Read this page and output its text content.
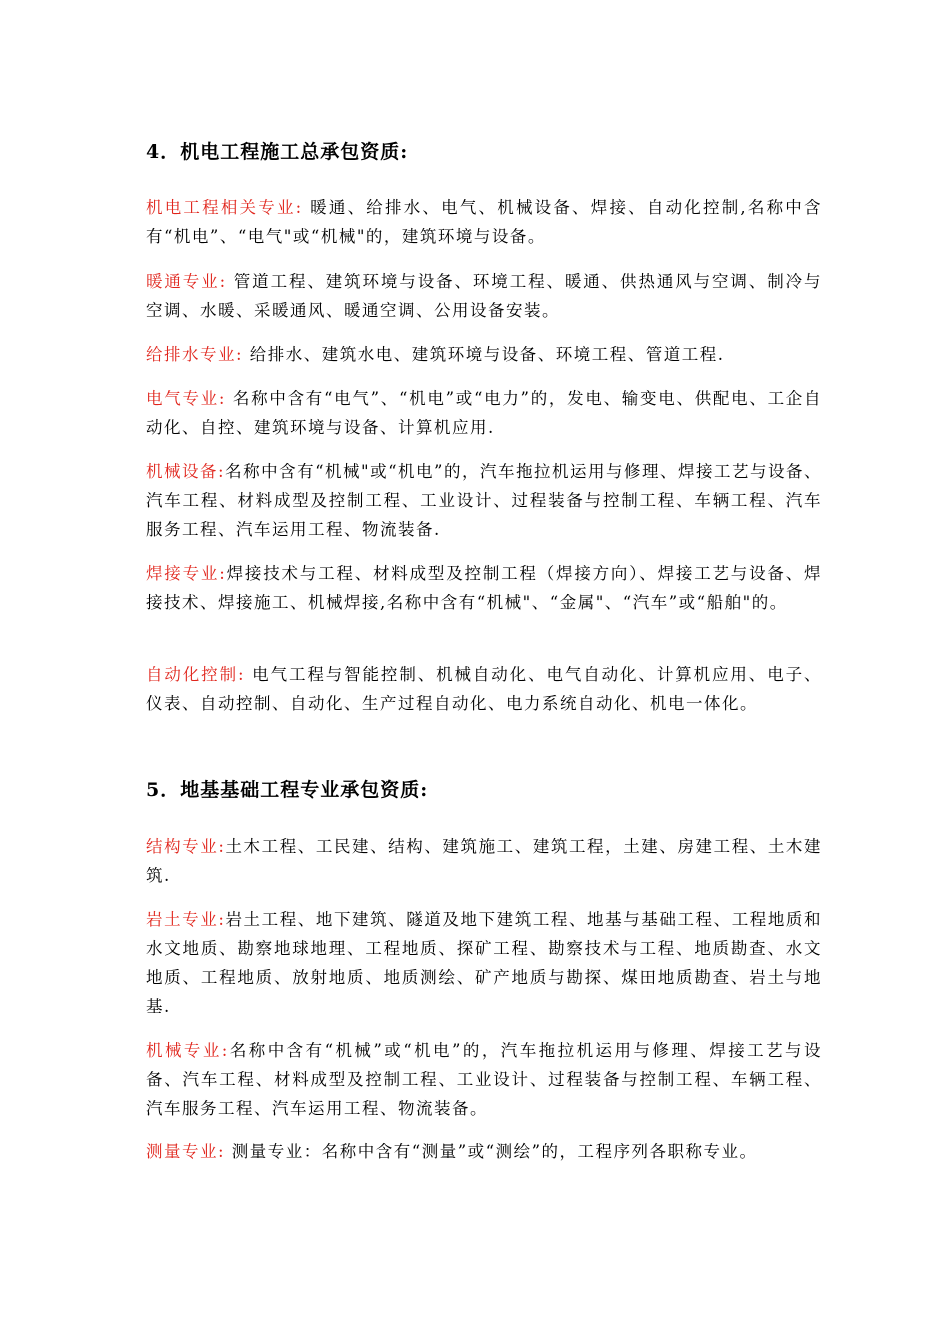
4．机电工程施工总承包资质:

机电工程相关专业: 暖通、给排水、电气、机械设备、焊接、自动化控制,名称中含有“机电”、“电气"或“机械"的，建筑环境与设备。

暖通专业: 管道工程、建筑环境与设备、环境工程、暖通、供热通风与空调、制冷与空调、水暖、采暖通风、暖通空调、公用设备安装。

给排水专业: 给排水、建筑水电、建筑环境与设备、环境工程、管道工程.

电气专业: 名称中含有“电气”、“机电”或“电力”的，发电、输变电、供配电、工企自动化、自控、建筑环境与设备、计算机应用.

机械设备:名称中含有“机械"或“机电”的，汽车拖拉机运用与修理、焊接工艺与设备、汽车工程、材料成型及控制工程、工业设计、过程装备与控制工程、车辆工程、汽车服务工程、汽车运用工程、物流装备.

焊接专业:焊接技术与工程、材料成型及控制工程（焊接方向）、焊接工艺与设备、焊接技术、焊接施工、机械焊接,名称中含有“机械"、“金属"、“汽车”或“船舶"的。

自动化控制: 电气工程与智能控制、机械自动化、电气自动化、计算机应用、电子、仪表、自动控制、自动化、生产过程自动化、电力系统自动化、机电一体化。

5．地基基础工程专业承包资质:

结构专业:土木工程、工民建、结构、建筑施工、建筑工程，土建、房建工程、土木建筑.

岩土专业:岩土工程、地下建筑、隧道及地下建筑工程、地基与基础工程、工程地质和水文地质、勘察地球地理、工程地质、探矿工程、勘察技术与工程、地质勘查、水文地质、工程地质、放射地质、地质测绘、矿产地质与勘探、煤田地质勘查、岩土与地基.

机械专业:名称中含有“机械”或“机电”的，汽车拖拉机运用与修理、焊接工艺与设备、汽车工程、材料成型及控制工程、工业设计、过程装备与控制工程、车辆工程、汽车服务工程、汽车运用工程、物流装备。

测量专业: 测量专业：名称中含有“测量”或“测绘”的，工程序列各职称专业。
